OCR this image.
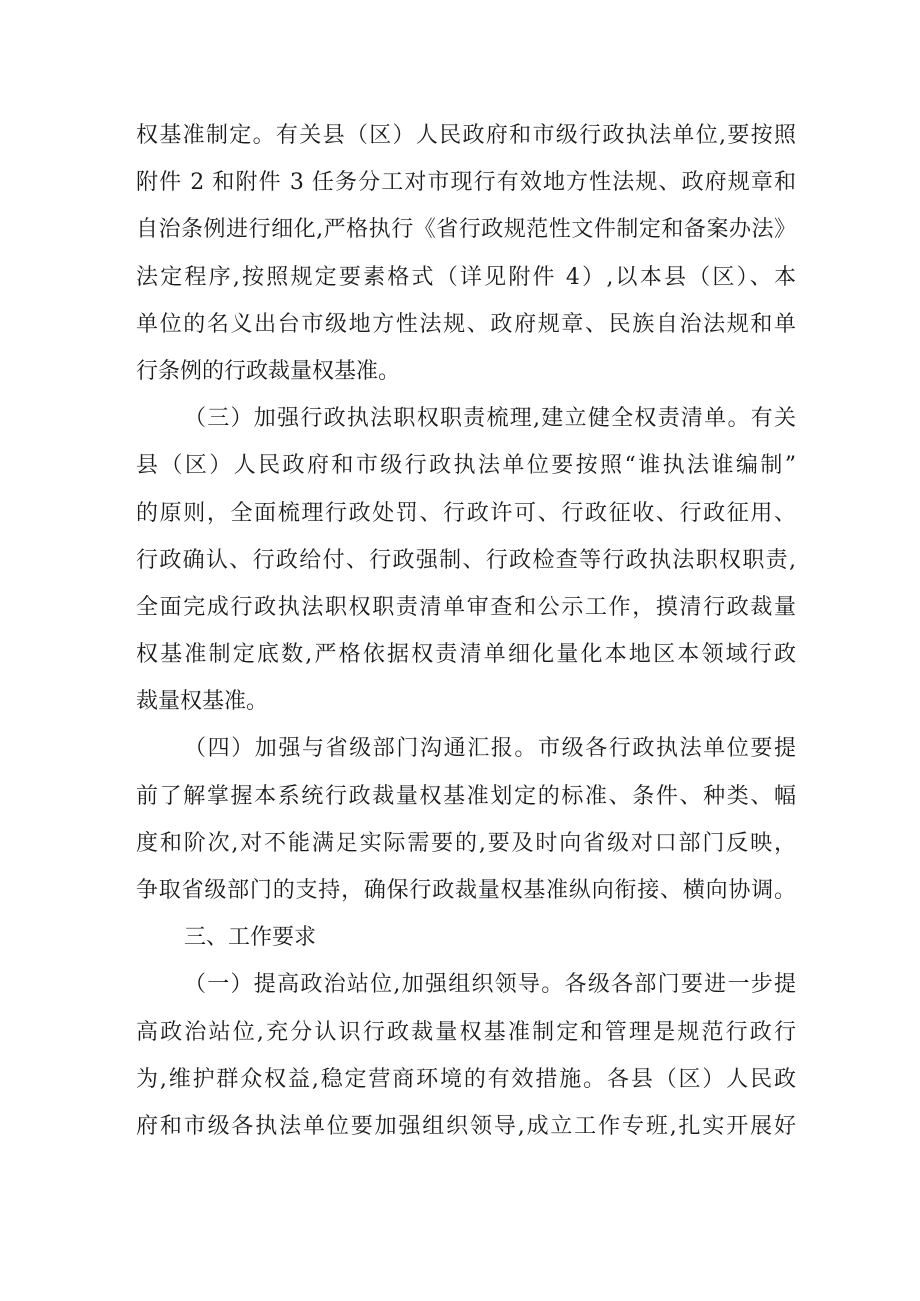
权基准制定。有关县（区）人民政府和市级行政执法单位,要按照
附件 2 和附件 3 任务分工对市现行有效地方性法规、政府规章和
自治条例进行细化,严格执行《省行政规范性文件制定和备案办法》
法定程序,按照规定要素格式（详见附件 4）,以本县（区）、本
单位的名义出台市级地方性法规、政府规章、民族自治法规和单
行条例的行政裁量权基准。
（三）加强行政执法职权职责梳理,建立健全权责清单。有关
县（区）人民政府和市级行政执法单位要按照“谁执法谁编制”
的原则，全面梳理行政处罚、行政许可、行政征收、行政征用、
行政确认、行政给付、行政强制、行政检查等行政执法职权职责,
全面完成行政执法职权职责清单审查和公示工作，摸清行政裁量
权基准制定底数,严格依据权责清单细化量化本地区本领域行政
裁量权基准。
（四）加强与省级部门沟通汇报。市级各行政执法单位要提
前了解掌握本系统行政裁量权基准划定的标准、条件、种类、幅
度和阶次,对不能满足实际需要的,要及时向省级对口部门反映，
争取省级部门的支持，确保行政裁量权基准纵向衔接、横向协调。
三、工作要求
（一）提高政治站位,加强组织领导。各级各部门要进一步提
高政治站位,充分认识行政裁量权基准制定和管理是规范行政行
为,维护群众权益,稳定营商环境的有效措施。各县（区）人民政
府和市级各执法单位要加强组织领导,成立工作专班,扎实开展好
